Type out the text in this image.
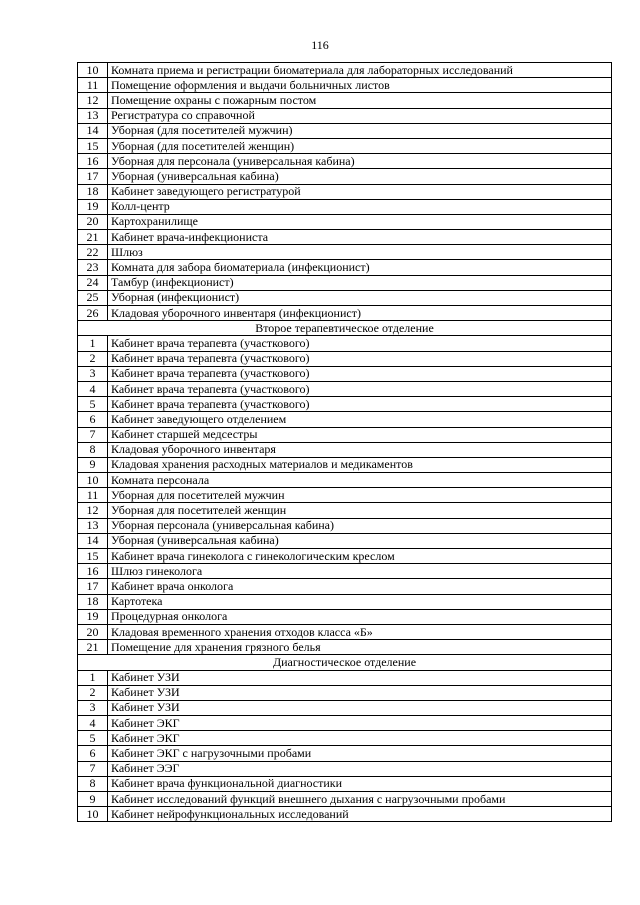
116
10	Комната приема и регистрации биоматериала для лабораторных исследований
11	Помещение оформления и выдачи больничных листов
12	Помещение охраны с пожарным постом
13	Регистратура со справочной
14	Уборная (для посетителей мужчин)
15	Уборная (для посетителей женщин)
16	Уборная для персонала (универсальная кабина)
17	Уборная (универсальная кабина)
18	Кабинет заведующего регистратурой
19	Колл-центр
20	Картохранилище
21	Кабинет врача-инфекциониста
22	Шлюз
23	Комната для забора биоматериала (инфекционист)
24	Тамбур (инфекционист)
25	Уборная (инфекционист)
26	Кладовая уборочного инвентаря (инфекционист)
Второе терапевтическое отделение	
1	Кабинет врача терапевта (участкового)
2	Кабинет врача терапевта (участкового)
3	Кабинет врача терапевта (участкового)
4	Кабинет врача терапевта (участкового)
5	Кабинет врача терапевта (участкового)
6	Кабинет заведующего отделением
7	Кабинет старшей медсестры
8	Кладовая уборочного инвентаря
9	Кладовая хранения расходных материалов и медикаментов
10	Комната персонала
11	Уборная для посетителей мужчин
12	Уборная для посетителей женщин
13	Уборная персонала (универсальная кабина)
14	Уборная (универсальная кабина)
15	Кабинет врача гинеколога с гинекологическим креслом
16	Шлюз гинеколога
17	Кабинет врача онколога
18	Картотека
19	Процедурная онколога
20	Кладовая временного хранения отходов класса «Б»
21	Помещение для хранения грязного белья
Диагностическое отделение	
1	Кабинет УЗИ
2	Кабинет УЗИ
3	Кабинет УЗИ
4	Кабинет ЭКГ
5	Кабинет ЭКГ
6	Кабинет ЭКГ с нагрузочными пробами
7	Кабинет ЭЭГ
8	Кабинет врача функциональной диагностики
9	Кабинет исследований функций внешнего дыхания с нагрузочными пробами
10	Кабинет нейрофункциональных исследований
